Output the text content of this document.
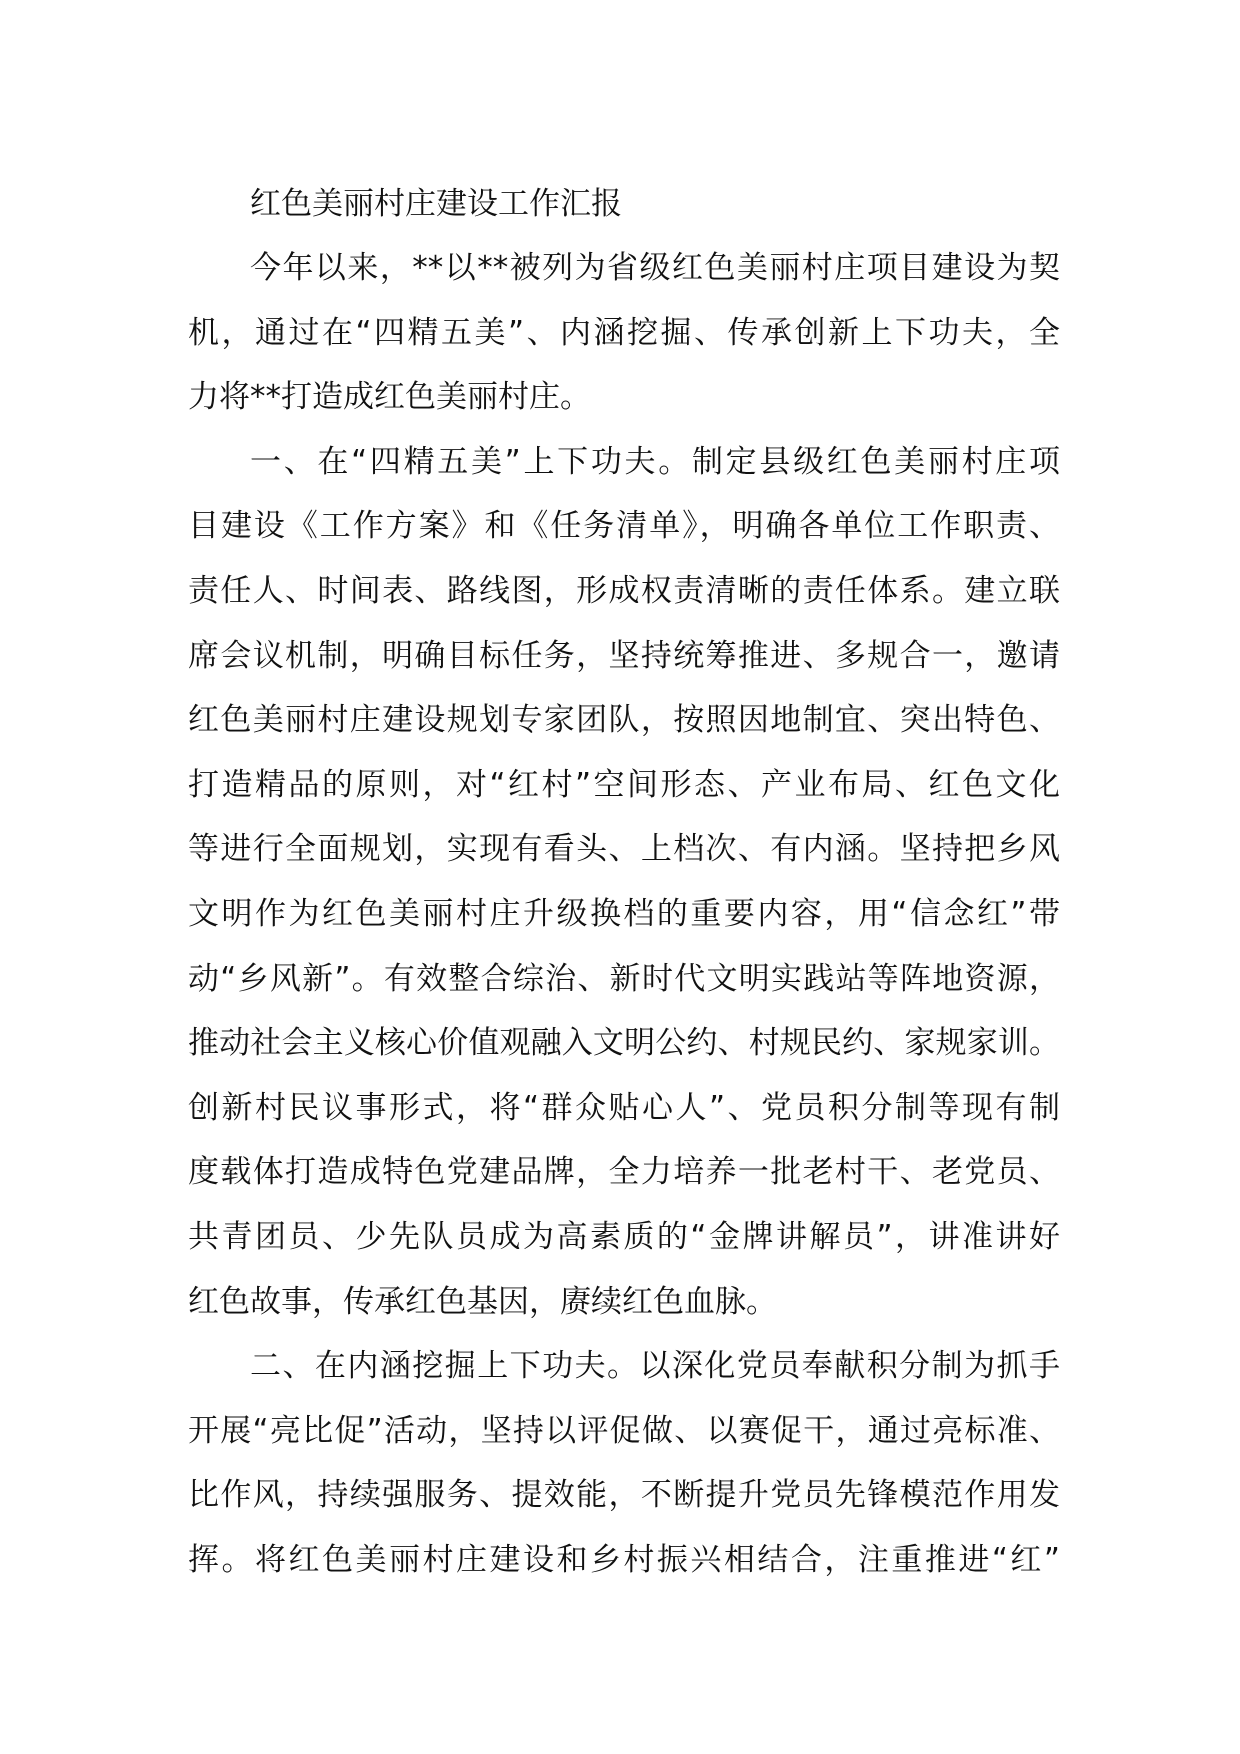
红色美丽村庄建设工作汇报
今年以来，**以**被列为省级红色美丽村庄项目建设为契
机，通过在“四精五美”、内涵挖掘、传承创新上下功夫，全
力将**打造成红色美丽村庄。
一、在“四精五美”上下功夫。制定县级红色美丽村庄项
目建设《工作方案》和《任务清单》，明确各单位工作职责、
责任人、时间表、路线图，形成权责清晰的责任体系。建立联
席会议机制，明确目标任务，坚持统筹推进、多规合一，邀请
红色美丽村庄建设规划专家团队，按照因地制宜、突出特色、
打造精品的原则，对“红村”空间形态、产业布局、红色文化
等进行全面规划，实现有看头、上档次、有内涵。坚持把乡风
文明作为红色美丽村庄升级换档的重要内容，用“信念红”带
动“乡风新”。有效整合综治、新时代文明实践站等阵地资源，
推动社会主义核心价值观融入文明公约、村规民约、家规家训。
创新村民议事形式，将“群众贴心人”、党员积分制等现有制
度载体打造成特色党建品牌，全力培养一批老村干、老党员、
共青团员、少先队员成为高素质的“金牌讲解员”，讲准讲好
红色故事，传承红色基因，赓续红色血脉。
二、在内涵挖掘上下功夫。以深化党员奉献积分制为抓手
开展“亮比促”活动，坚持以评促做、以赛促干，通过亮标准、
比作风，持续强服务、提效能，不断提升党员先锋模范作用发
挥。将红色美丽村庄建设和乡村振兴相结合，注重推进“红”
